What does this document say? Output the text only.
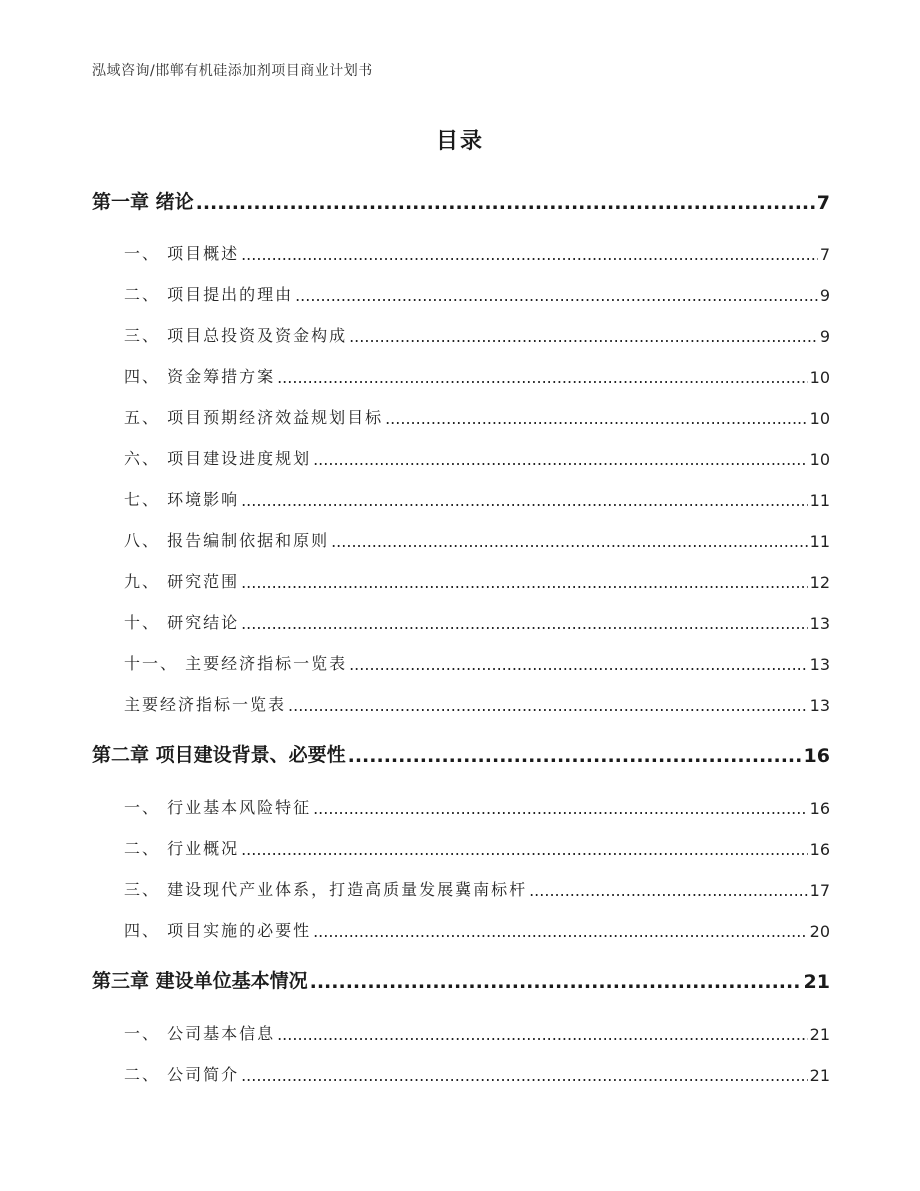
泓域咨询/邯郸有机硅添加剂项目商业计划书
目录
第一章 绪论 .....	7
一、 项目概述 .....	7
二、 项目提出的理由 .....	9
三、 项目总投资及资金构成 .....	9
四、 资金筹措方案 .....	10
五、 项目预期经济效益规划目标 .....	10
六、 项目建设进度规划 .....	10
七、 环境影响 .....	11
八、 报告编制依据和原则 .....	11
九、 研究范围 .....	12
十、 研究结论 .....	13
十一、 主要经济指标一览表 .....	13
主要经济指标一览表 .....	13
第二章 项目建设背景、必要性 .....	16
一、 行业基本风险特征 .....	16
二、 行业概况 .....	16
三、 建设现代产业体系，打造高质量发展冀南标杆 .....	17
四、 项目实施的必要性 .....	20
第三章 建设单位基本情况 .....	21
一、 公司基本信息 .....	21
二、 公司简介 .....	21
